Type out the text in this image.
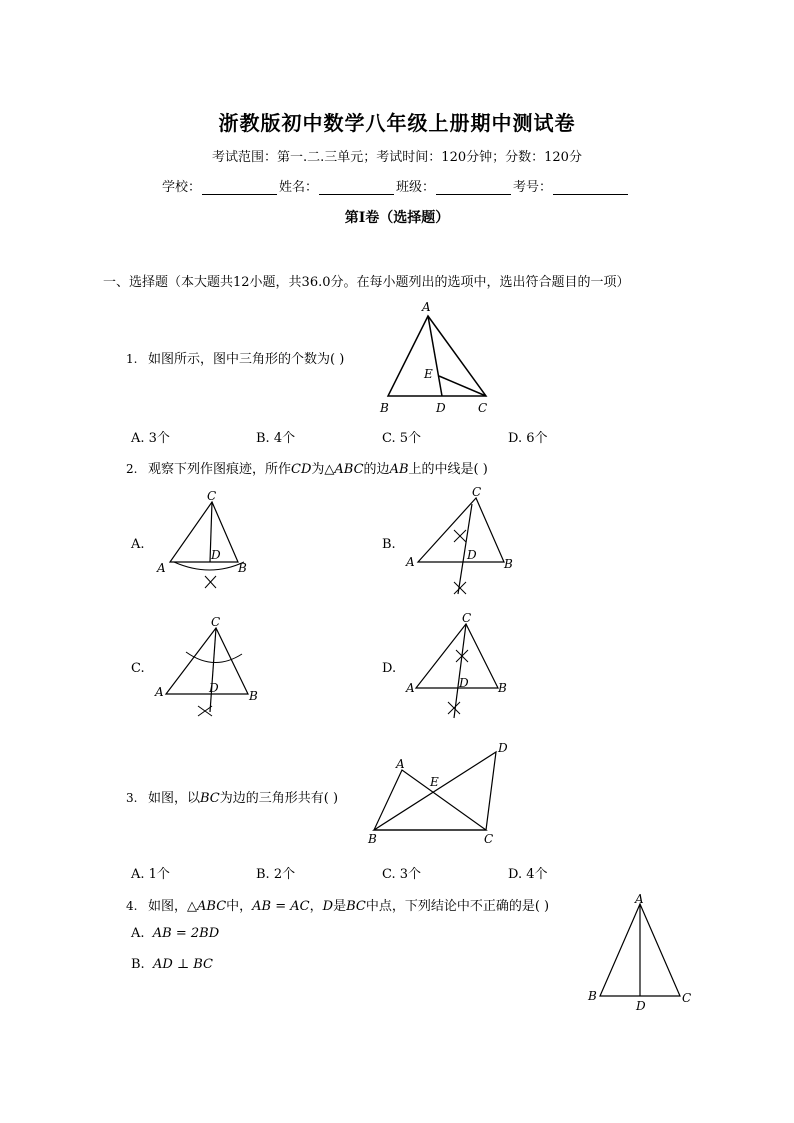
浙教版初中数学八年级上册期中测试卷
考试范围：第一.二.三单元；考试时间：120分钟；分数：120分
学校：	姓名：	班级：	考号：
第I卷（选择题）
一、选择题（本大题共12小题，共36.0分。在每小题列出的选项中，选出符合题目的一项）
1. 如图所示，图中三角形的个数为( )
A
B	D	C
E
A. 3个	B. 4个	C. 5个	D. 6个
2. 观察下列作图痕迹，所作CD为△ABC的边AB上的中线是( )
A.
C
A
D
B
B.
C
A	D
B
C.
C
A	D
B
D.
C
A	D B
3. 如图，以BC为边的三角形共有( )
A
B	C
D
E
A. 1个	B. 2个	C. 3个	D. 4个
4. 如图，△ABC中，AB = AC，D是BC中点，下列结论中不正确的是( )
A. AB = 2BD
B. AD ⊥ BC
A
B
D
C
